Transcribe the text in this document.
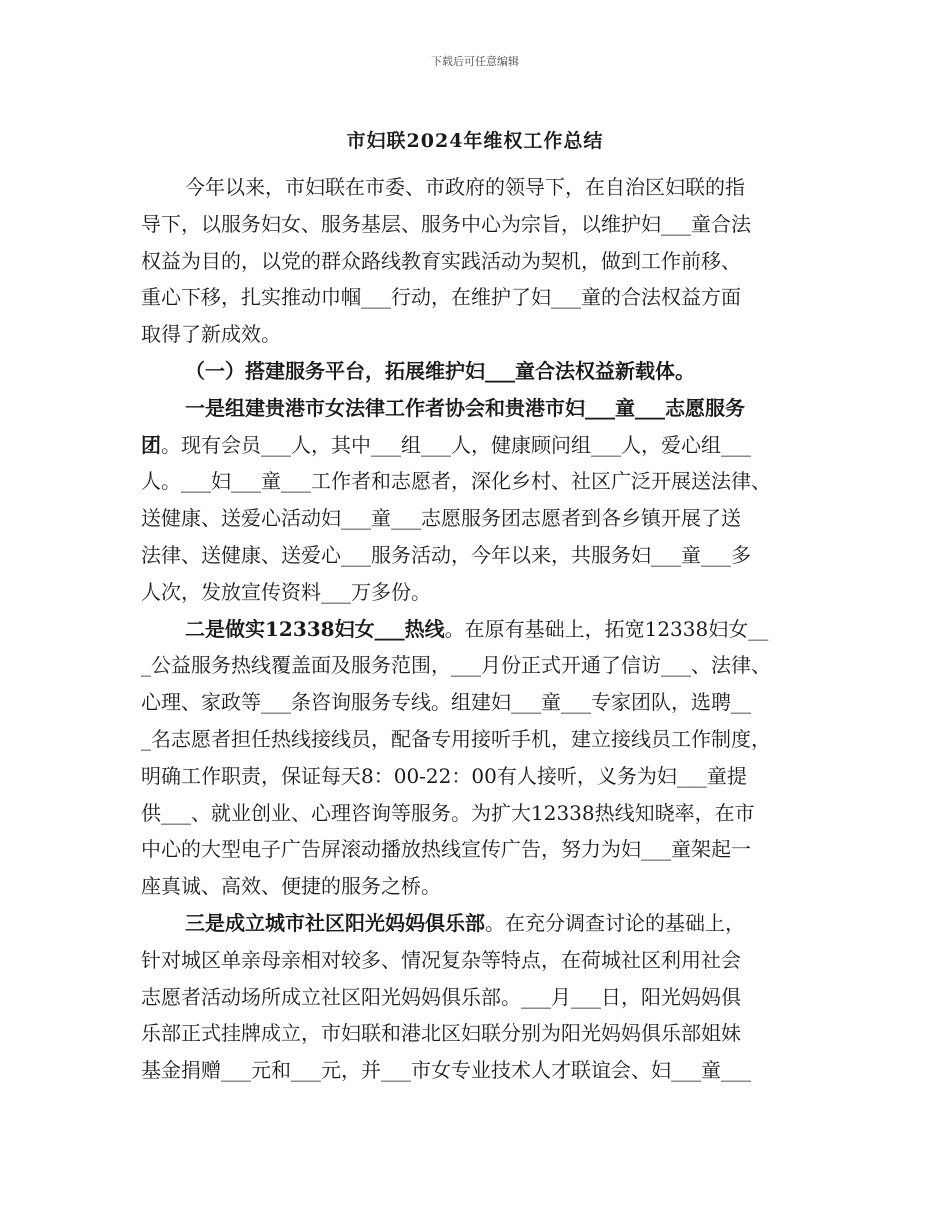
下载后可任意编辑
市妇联2024年维权工作总结
今年以来，市妇联在市委、市政府的领导下，在自治区妇联的指
导下，以服务妇女、服务基层、服务中心为宗旨，以维护妇___童合法
权益为目的，以党的群众路线教育实践活动为契机，做到工作前移、
重心下移，扎实推动巾帼___行动，在维护了妇___童的合法权益方面
取得了新成效。
（一）搭建服务平台，拓展维护妇___童合法权益新载体。
一是组建贵港市女法律工作者协会和贵港市妇___童___志愿服务
团。现有会员___人，其中___组___人，健康顾问组___人，爱心组___
人。___妇___童___工作者和志愿者，深化乡村、社区广泛开展送法律、
送健康、送爱心活动妇___童___志愿服务团志愿者到各乡镇开展了送
法律、送健康、送爱心___服务活动，今年以来，共服务妇___童___多
人次，发放宣传资料___万多份。
二是做实12338妇女___热线。在原有基础上，拓宽12338妇女__
_公益服务热线覆盖面及服务范围，___月份正式开通了信访___、法律、
心理、家政等___条咨询服务专线。组建妇___童___专家团队，选聘__
_名志愿者担任热线接线员，配备专用接听手机，建立接线员工作制度，
明确工作职责，保证每天8：00-22：00有人接听，义务为妇___童提
供___、就业创业、心理咨询等服务。为扩大12338热线知晓率，在市
中心的大型电子广告屏滚动播放热线宣传广告，努力为妇___童架起一
座真诚、高效、便捷的服务之桥。
三是成立城市社区阳光妈妈俱乐部。在充分调查讨论的基础上，
针对城区单亲母亲相对较多、情况复杂等特点，在荷城社区利用社会
志愿者活动场所成立社区阳光妈妈俱乐部。___月___日，阳光妈妈俱
乐部正式挂牌成立，市妇联和港北区妇联分别为阳光妈妈俱乐部姐妹
基金捐赠___元和___元，并___市女专业技术人才联谊会、妇___童___
